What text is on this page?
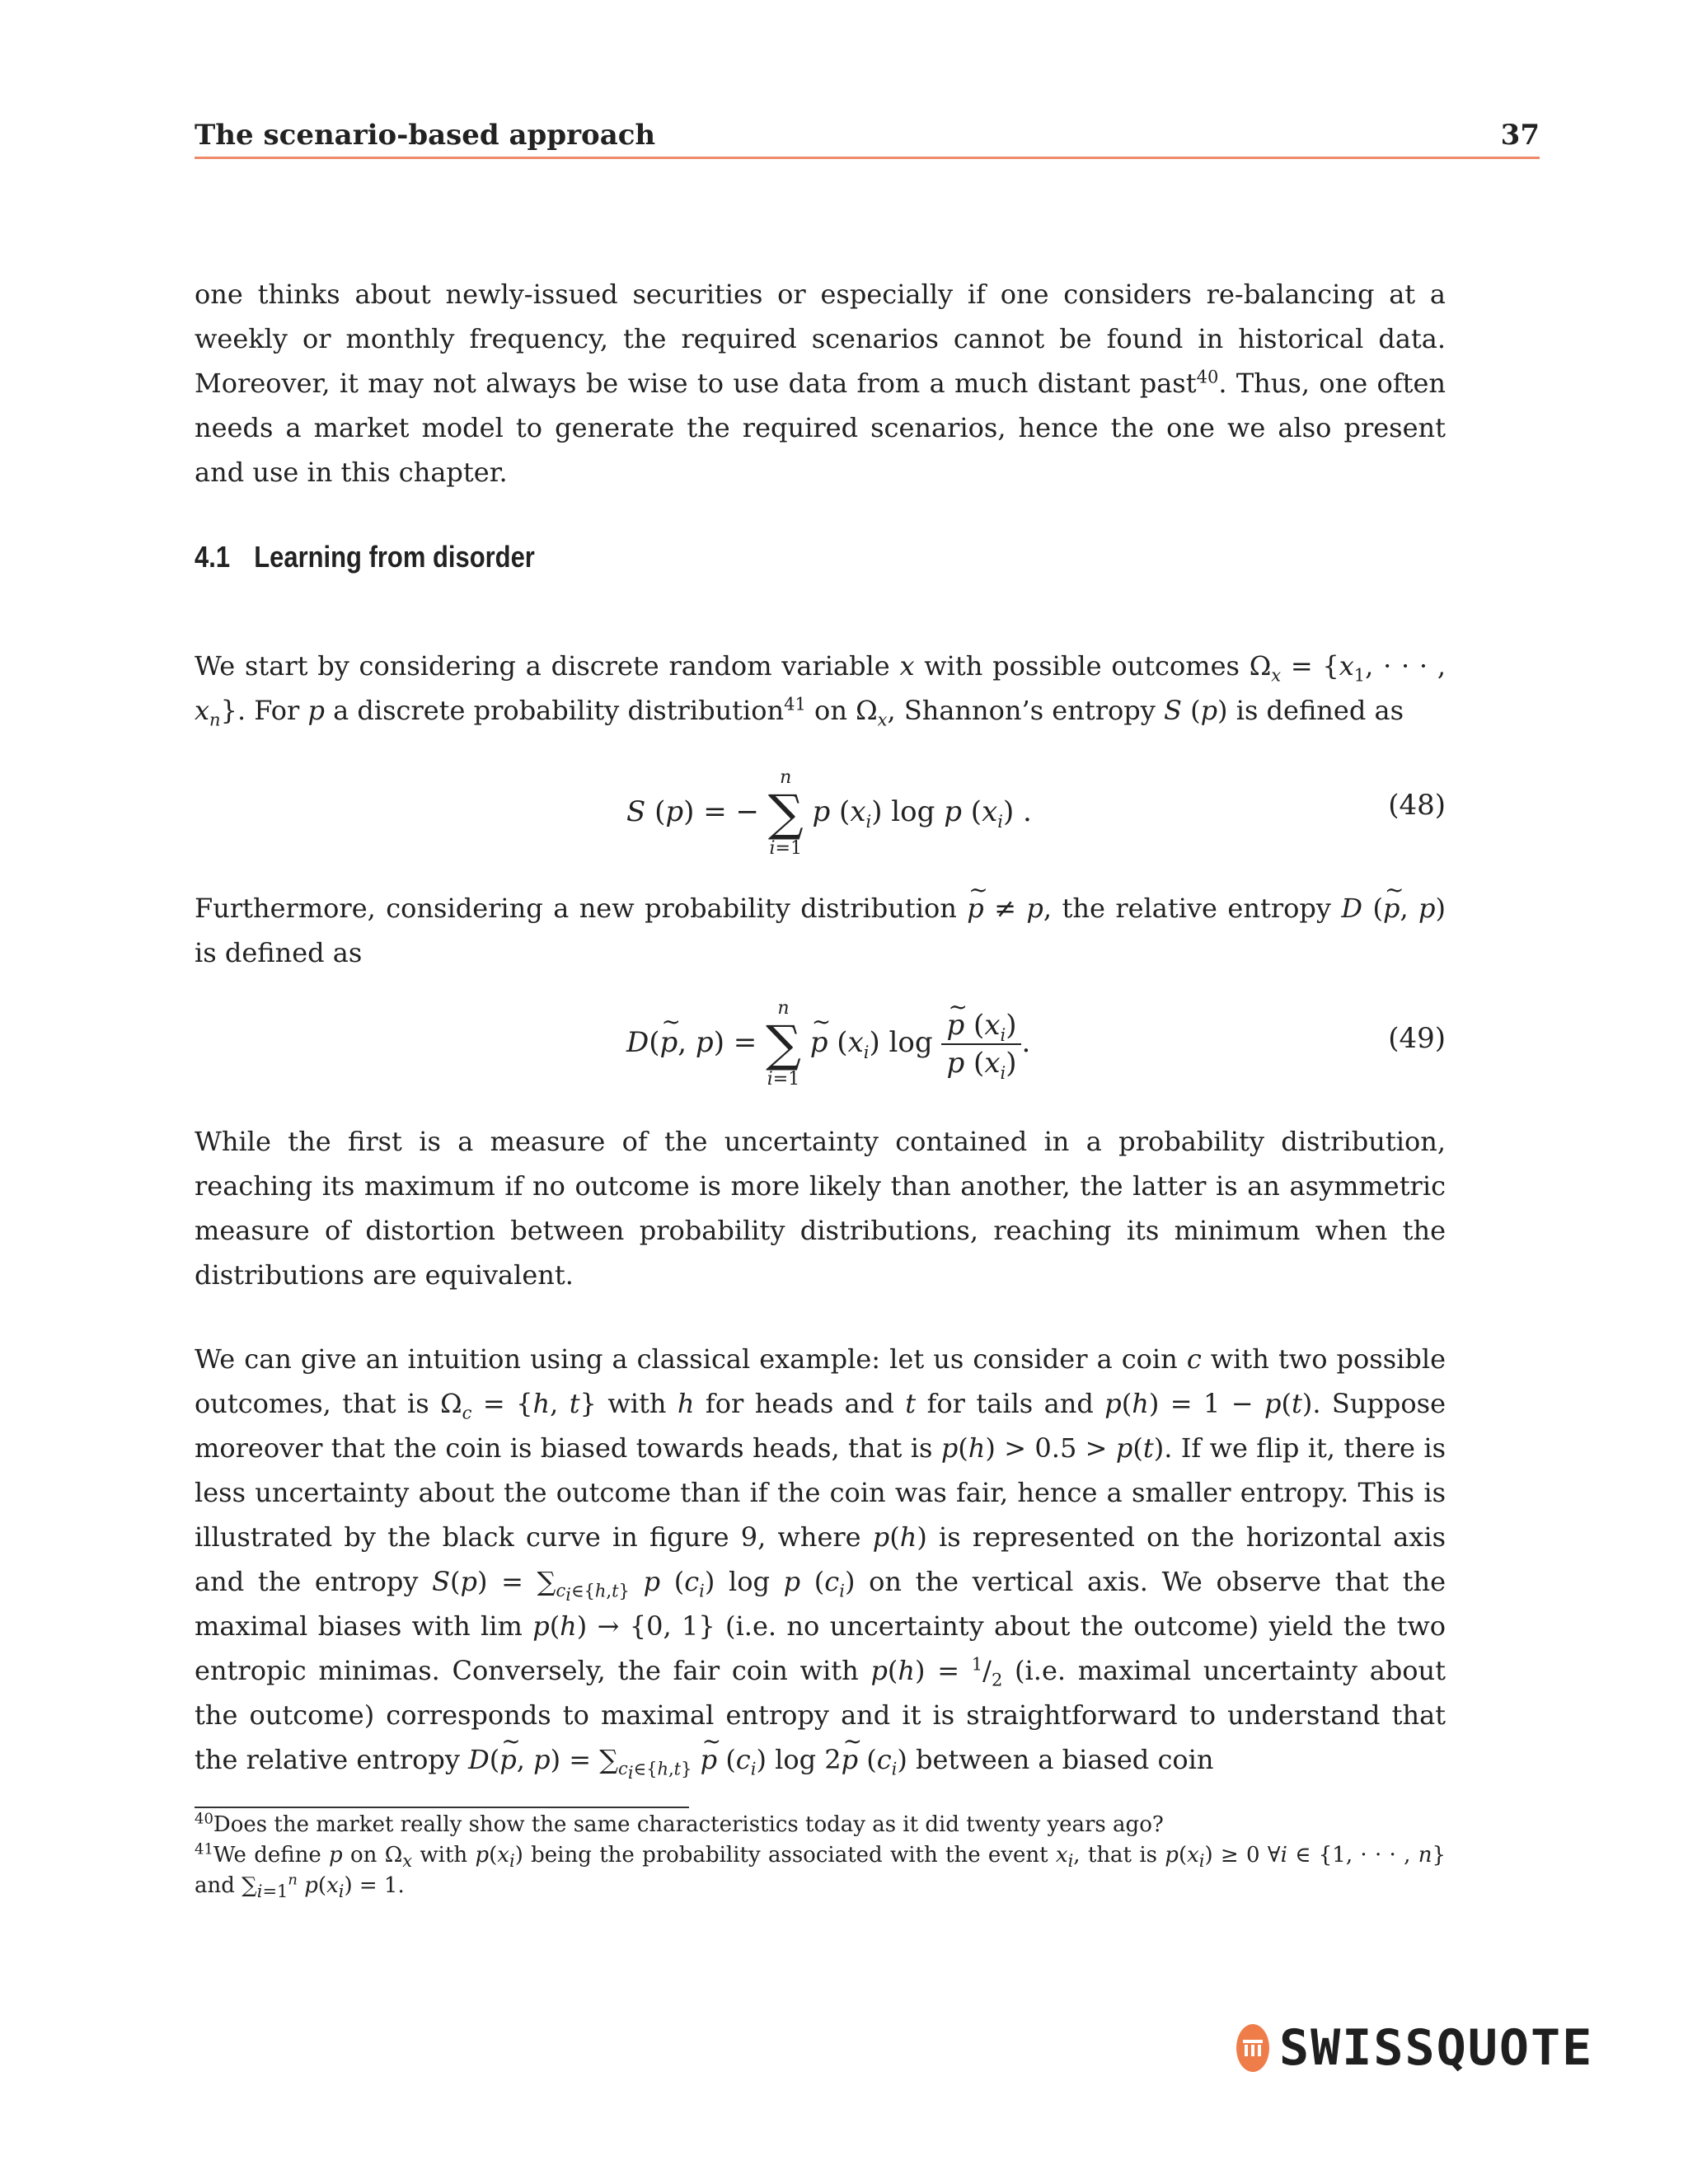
The scenario-based approach	37

one thinks about newly-issued securities or especially if one considers re-balancing at a weekly or monthly frequency, the required scenarios cannot be found in historical data. Moreover, it may not always be wise to use data from a much distant past$^{40}$. Thus, one often needs a market model to generate the required scenarios, hence the one we also present and use in this chapter.

4.1 Learning from disorder

We start by considering a discrete random variable x with possible outcomes $\Omega_x = \{x_1$, · · · , $x_n$}. For p a discrete probability distribution$^{41}$ on $\Omega_x$, Shannon’s entropy S (p) is defined as

S (p) = −
n
∑
i=1
p $(x_i)$ log p $(x_i)$ .	(48)

Furthermore, considering a new probability distribution ~ p ≠ p, the relative entropy D (~ p, p) is defined as

D(~ p, p) =
n
∑
i=1
~ p $(x_i)$ log ~ $\frac{p (x_i)}{p (x_i)}$ .	(49)

While the first is a measure of the uncertainty contained in a probability distribution, reaching its maximum if no outcome is more likely than another, the latter is an asymmetric measure of distortion between probability distributions, reaching its minimum when the distributions are equivalent.

We can give an intuition using a classical example: let us consider a coin c with two possible outcomes, that is $\Omega_c = \{h$, t} with h for heads and t for tails and p(h) = 1 − p(t). Suppose moreover that the coin is biased towards heads, that is p(h) > 0.5 > p(t). If we flip it, there is less uncertainty about the outcome than if the coin was fair, hence a smaller entropy. This is illustrated by the black curve in figure 9, where p(h) is represented on the horizontal axis and the entropy $S(p) = \sum_{ci\in\{h,t\}}$ p $(c_i)$ log p $(c_i)$ on the vertical axis. We observe that the maximal biases with lim p(h) → {0, 1} (i.e. no uncertainty about the outcome) yield the two entropic minimas. Conversely, the fair coin with $p(h) = ^1/_2$ (i.e. maximal uncertainty about the outcome) corresponds to maximal entropy and it is straightforward to understand that the relative entropy D(~ p, $p) = \sum_{ci\in\{h,t\}}$ ~ p $(c_i)$ log 2~ p $(c_i)$ between a biased coin

$^{40}$Does the market really show the same characteristics today as it did twenty years ago?

$^{41}$We define p on $\Omega_x$ with $p(x_i)$ being the probability associated with the event $x_i$, that is $p(x_i) \ge 0$ ∀i ∈ {1, · · · , n} and $\sum_{i=1}^n$ $p(x_i) = 1$.

SWISSQUOTE
